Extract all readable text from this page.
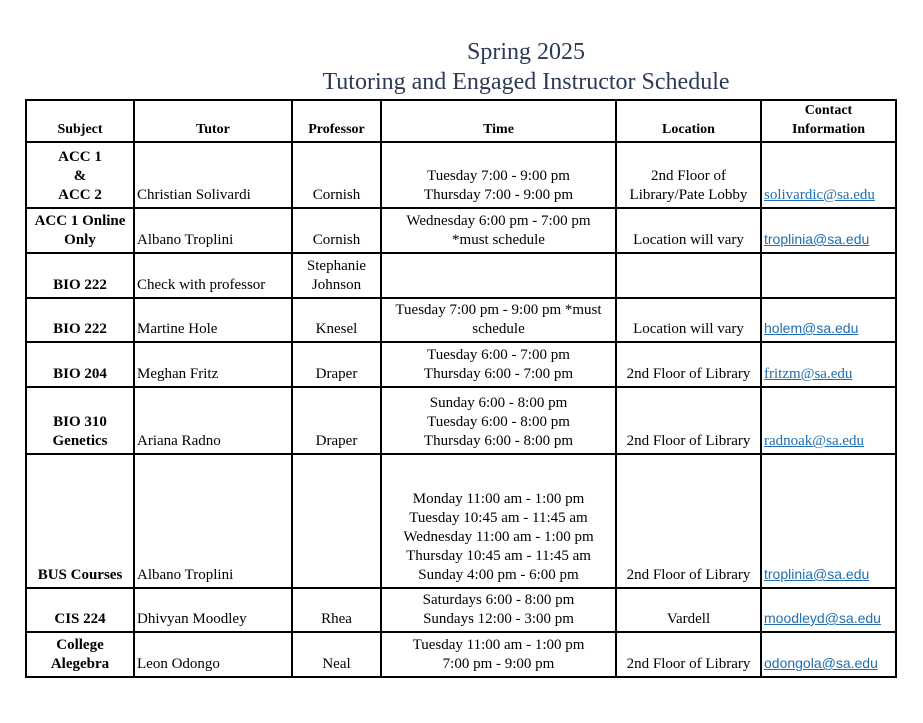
Spring 2025
Tutoring and Engaged Instructor Schedule
Subject	Tutor	Professor	Time	Location	Contact
Information

ACC 1
&
ACC 2	Christian Solivardi	Cornish	Tuesday 7:00 - 9:00 pm
Thursday 7:00 - 9:00 pm	2nd Floor of
Library/Pate Lobby	solivardic@sa.edu

ACC 1 Online
Only	Albano Troplini	Cornish	Wednesday 6:00 pm - 7:00 pm
*must schedule	Location will vary	troplinia@sa.edu

BIO 222	Check with professor	Stephanie
Johnson			

BIO 222	Martine Hole	Knesel	Tuesday 7:00 pm - 9:00 pm *must
schedule	Location will vary	holem@sa.edu

BIO 204	Meghan Fritz	Draper	Tuesday 6:00 - 7:00 pm
Thursday 6:00 - 7:00 pm	2nd Floor of Library	fritzm@sa.edu

BIO 310
Genetics	Ariana Radno	Draper	Sunday 6:00 - 8:00 pm
Tuesday 6:00 - 8:00 pm
Thursday 6:00 - 8:00 pm	2nd Floor of Library	radnoak@sa.edu

BUS Courses	Albano Troplini		Monday 11:00 am - 1:00 pm
Tuesday 10:45 am - 11:45 am
Wednesday 11:00 am - 1:00 pm
Thursday 10:45 am - 11:45 am
Sunday 4:00 pm - 6:00 pm	2nd Floor of Library	troplinia@sa.edu

CIS 224	Dhivyan Moodley	Rhea	Saturdays 6:00 - 8:00 pm
Sundays 12:00 - 3:00 pm	Vardell	moodleyd@sa.edu

College
Alegebra	Leon Odongo	Neal	Tuesday 11:00 am - 1:00 pm
7:00 pm - 9:00 pm	2nd Floor of Library	odongola@sa.edu
